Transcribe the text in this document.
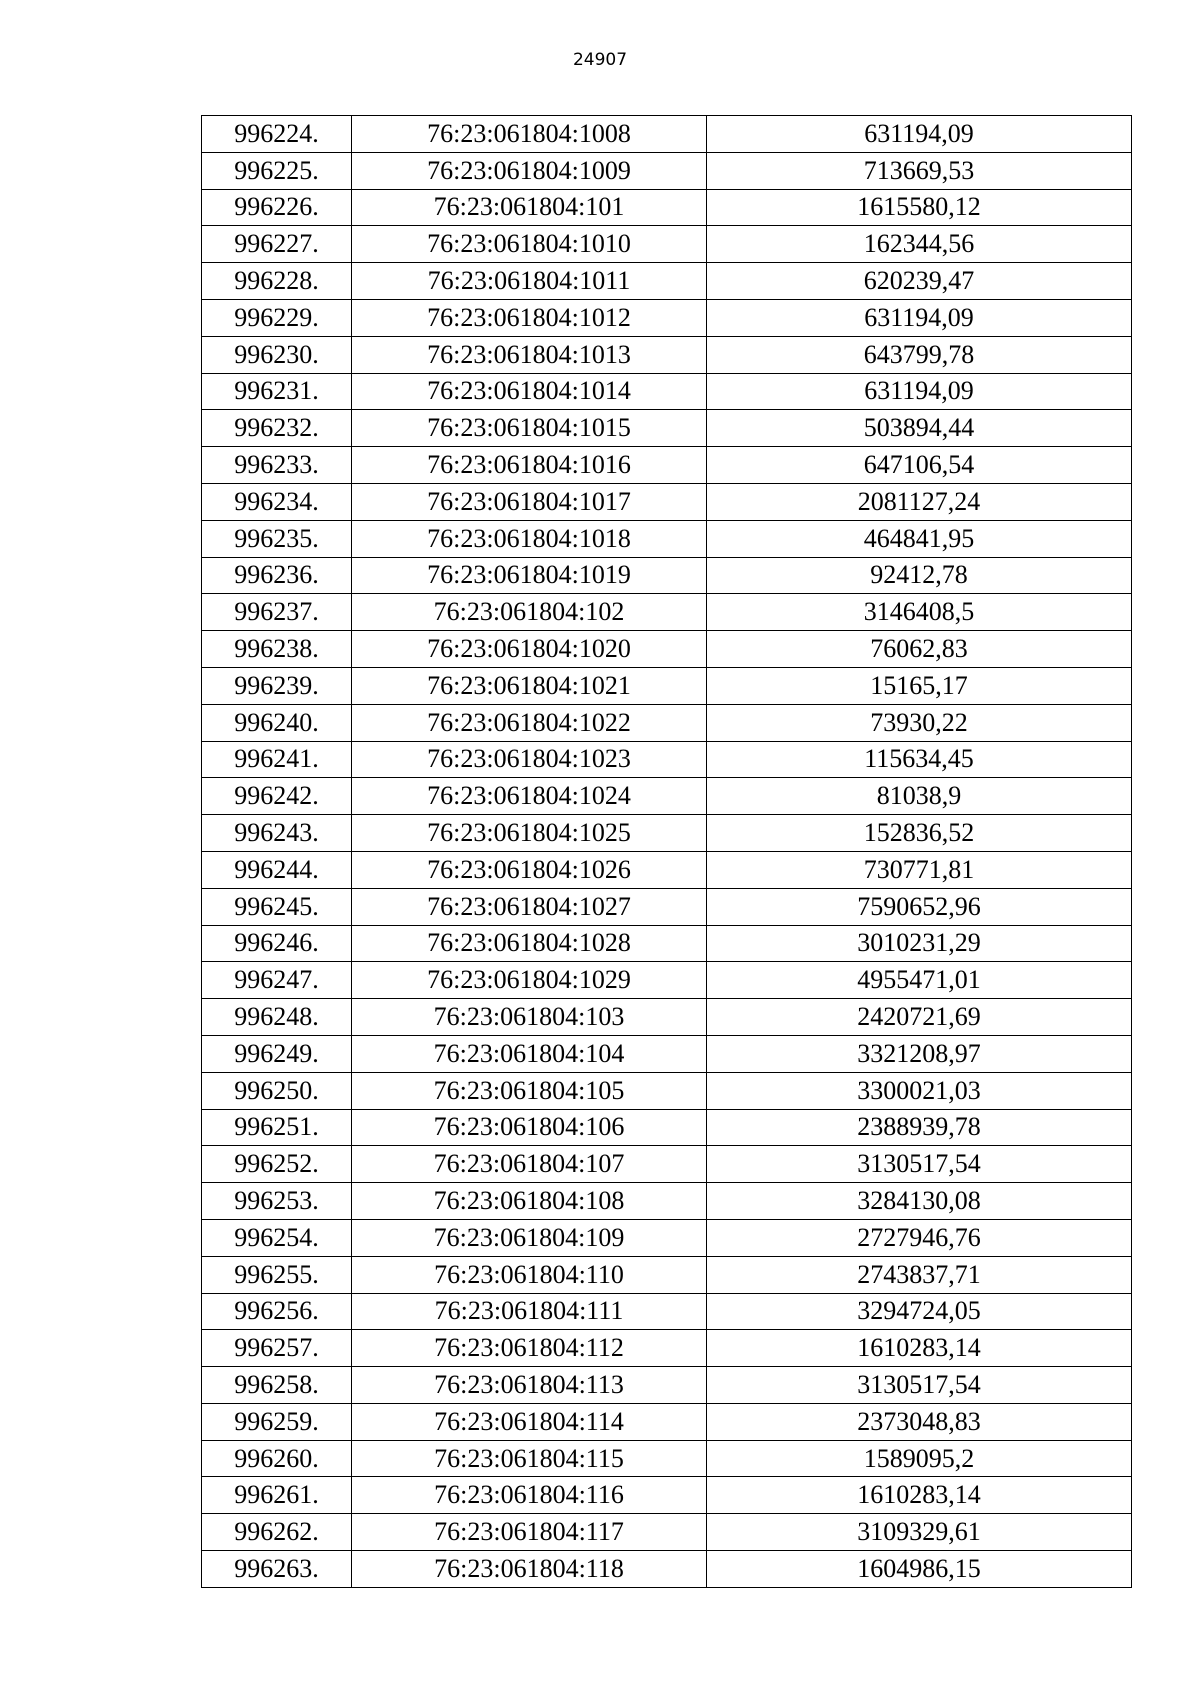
24907
996224.	76:23:061804:1008	631194,09
996225.	76:23:061804:1009	713669,53
996226.	76:23:061804:101	1615580,12
996227.	76:23:061804:1010	162344,56
996228.	76:23:061804:1011	620239,47
996229.	76:23:061804:1012	631194,09
996230.	76:23:061804:1013	643799,78
996231.	76:23:061804:1014	631194,09
996232.	76:23:061804:1015	503894,44
996233.	76:23:061804:1016	647106,54
996234.	76:23:061804:1017	2081127,24
996235.	76:23:061804:1018	464841,95
996236.	76:23:061804:1019	92412,78
996237.	76:23:061804:102	3146408,5
996238.	76:23:061804:1020	76062,83
996239.	76:23:061804:1021	15165,17
996240.	76:23:061804:1022	73930,22
996241.	76:23:061804:1023	115634,45
996242.	76:23:061804:1024	81038,9
996243.	76:23:061804:1025	152836,52
996244.	76:23:061804:1026	730771,81
996245.	76:23:061804:1027	7590652,96
996246.	76:23:061804:1028	3010231,29
996247.	76:23:061804:1029	4955471,01
996248.	76:23:061804:103	2420721,69
996249.	76:23:061804:104	3321208,97
996250.	76:23:061804:105	3300021,03
996251.	76:23:061804:106	2388939,78
996252.	76:23:061804:107	3130517,54
996253.	76:23:061804:108	3284130,08
996254.	76:23:061804:109	2727946,76
996255.	76:23:061804:110	2743837,71
996256.	76:23:061804:111	3294724,05
996257.	76:23:061804:112	1610283,14
996258.	76:23:061804:113	3130517,54
996259.	76:23:061804:114	2373048,83
996260.	76:23:061804:115	1589095,2
996261.	76:23:061804:116	1610283,14
996262.	76:23:061804:117	3109329,61
996263.	76:23:061804:118	1604986,15
